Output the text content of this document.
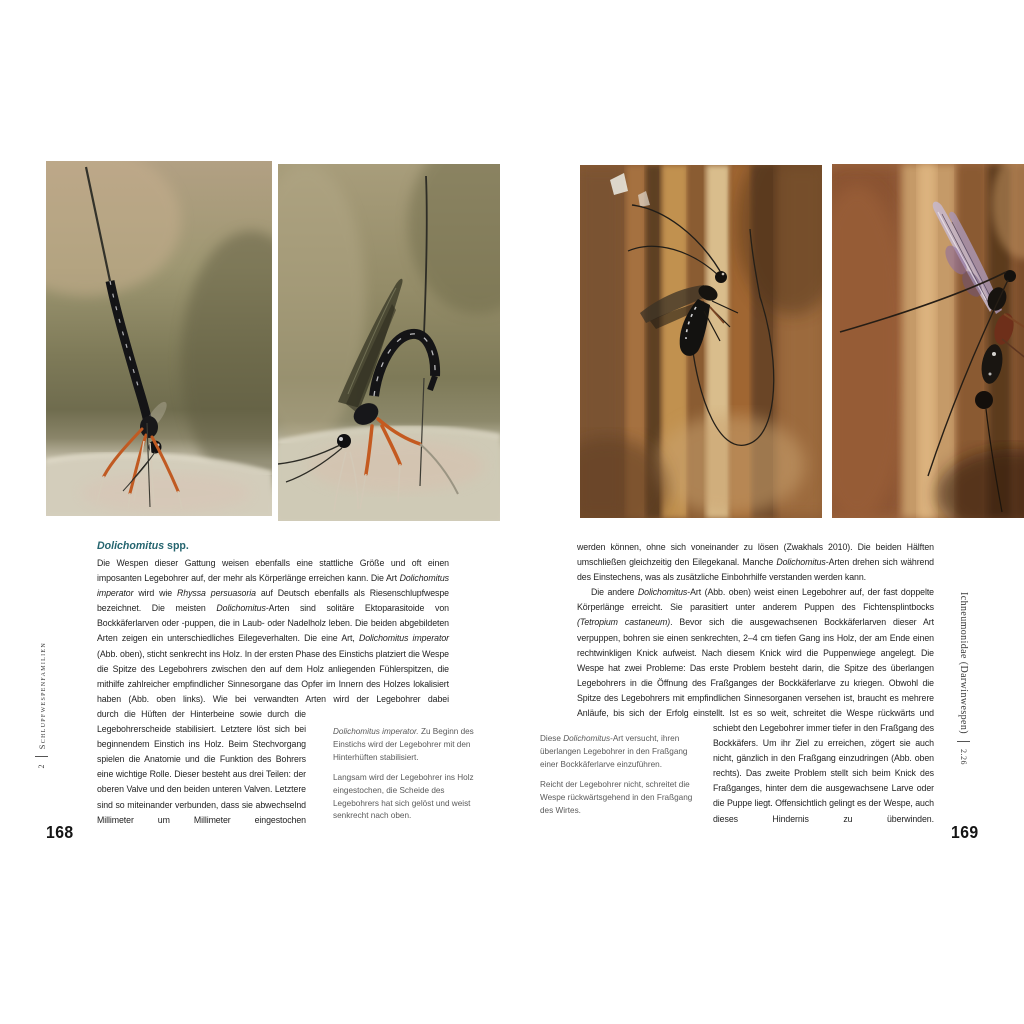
Dolichomitus spp.
Die Wespen dieser Gattung weisen ebenfalls eine stattliche Größe und oft einen imposanten Legebohrer auf, der mehr als Körperlänge erreichen kann. Die Art Dolichomitus imperator wird wie Rhyssa persuasoria auf Deutsch ebenfalls als Riesenschlupfwespe bezeichnet. Die meisten Dolichomitus-Arten sind solitäre Ektoparasitoide von Bockkäferlarven oder -puppen, die in Laub- oder Nadelholz leben. Die beiden abgebildeten Arten zeigen ein unterschiedliches Eilegeverhalten. Die eine Art, Dolichomitus imperator (Abb. oben), sticht senkrecht ins Holz. In der ersten Phase des Einstichs platziert die Wespe die Spitze des Legebohrers zwischen den auf dem Holz anliegenden Fühlerspitzen, die mithilfe zahlreicher empfindlicher Sinnesorgane das Opfer im Innern des Holzes lokalisiert haben (Abb. oben links). Wie bei verwandten Arten wird der Legebohrer dabei
durch die Hüften der Hinterbeine sowie durch die Legebohrerscheide stabilisiert. Letztere löst sich bei beginnendem Einstich ins Holz. Beim Stechvorgang spielen die Anatomie und die Funktion des Bohrers eine wichtige Rolle. Dieser besteht aus drei Teilen: der oberen Valve und den beiden unteren Valven. Letztere sind so miteinander verbunden, dass sie abwechselnd Millimeter um Millimeter eingestochen

Dolichomitus imperator. Zu Beginn des Einstichs wird der Legebohrer mit den Hinterhüften stabilisiert.

Langsam wird der Legebohrer ins Holz eingestochen, die Scheide des Legebohrers hat sich gelöst und weist senkrecht nach oben.

Schlupfwespenfamilien
2
168

werden können, ohne sich voneinander zu lösen (Zwakhals 2010). Die beiden Hälften umschließen gleichzeitig den Eilegekanal. Manche Dolichomitus-Arten drehen sich während des Einstechens, was als zusätzliche Einbohrhilfe verstanden werden kann.

Die andere Dolichomitus-Art (Abb. oben) weist einen Legebohrer auf, der fast doppelte Körperlänge erreicht. Sie parasitiert unter anderem Puppen des Fichtensplintbocks (Tetropium castaneum). Bevor sich die ausgewachsenen Bockkäferlarven dieser Art verpuppen, bohren sie einen senkrechten, 2–4 cm tiefen Gang ins Holz, der am Ende einen rechtwinkligen Knick aufweist. Nach diesem Knick wird die Puppenwiege angelegt. Die Wespe hat zwei Probleme: Das erste Problem besteht darin, die Spitze des überlangen Legebohrers in die Öffnung des Fraßganges der Bockkäferlarve zu kriegen. Obwohl die Spitze des Legebohrers mit empfindlichen Sinnesorganen versehen ist, braucht es mehrere Anläufe, bis sich der Erfolg einstellt. Ist es so weit, schreitet die Wespe rückwärts und

schiebt den Legebohrer immer tiefer in den Fraßgang des Bockkäfers. Um ihr Ziel zu erreichen, zögert sie auch nicht, gänzlich in den Fraßgang einzudringen (Abb. oben rechts). Das zweite Problem stellt sich beim Knick des Fraßganges, hinter dem die ausgewachsene Larve oder die Puppe liegt. Offensichtlich gelingt es der Wespe, auch dieses Hindernis zu überwinden.

Diese Dolichomitus-Art versucht, ihren überlangen Legebohrer in den Fraßgang einer Bockkäferlarve einzuführen.

Reicht der Legebohrer nicht, schreitet die Wespe rückwärtsgehend in den Fraßgang des Wirtes.

Ichneumonidae (Darwinwespen)
2.26
169
